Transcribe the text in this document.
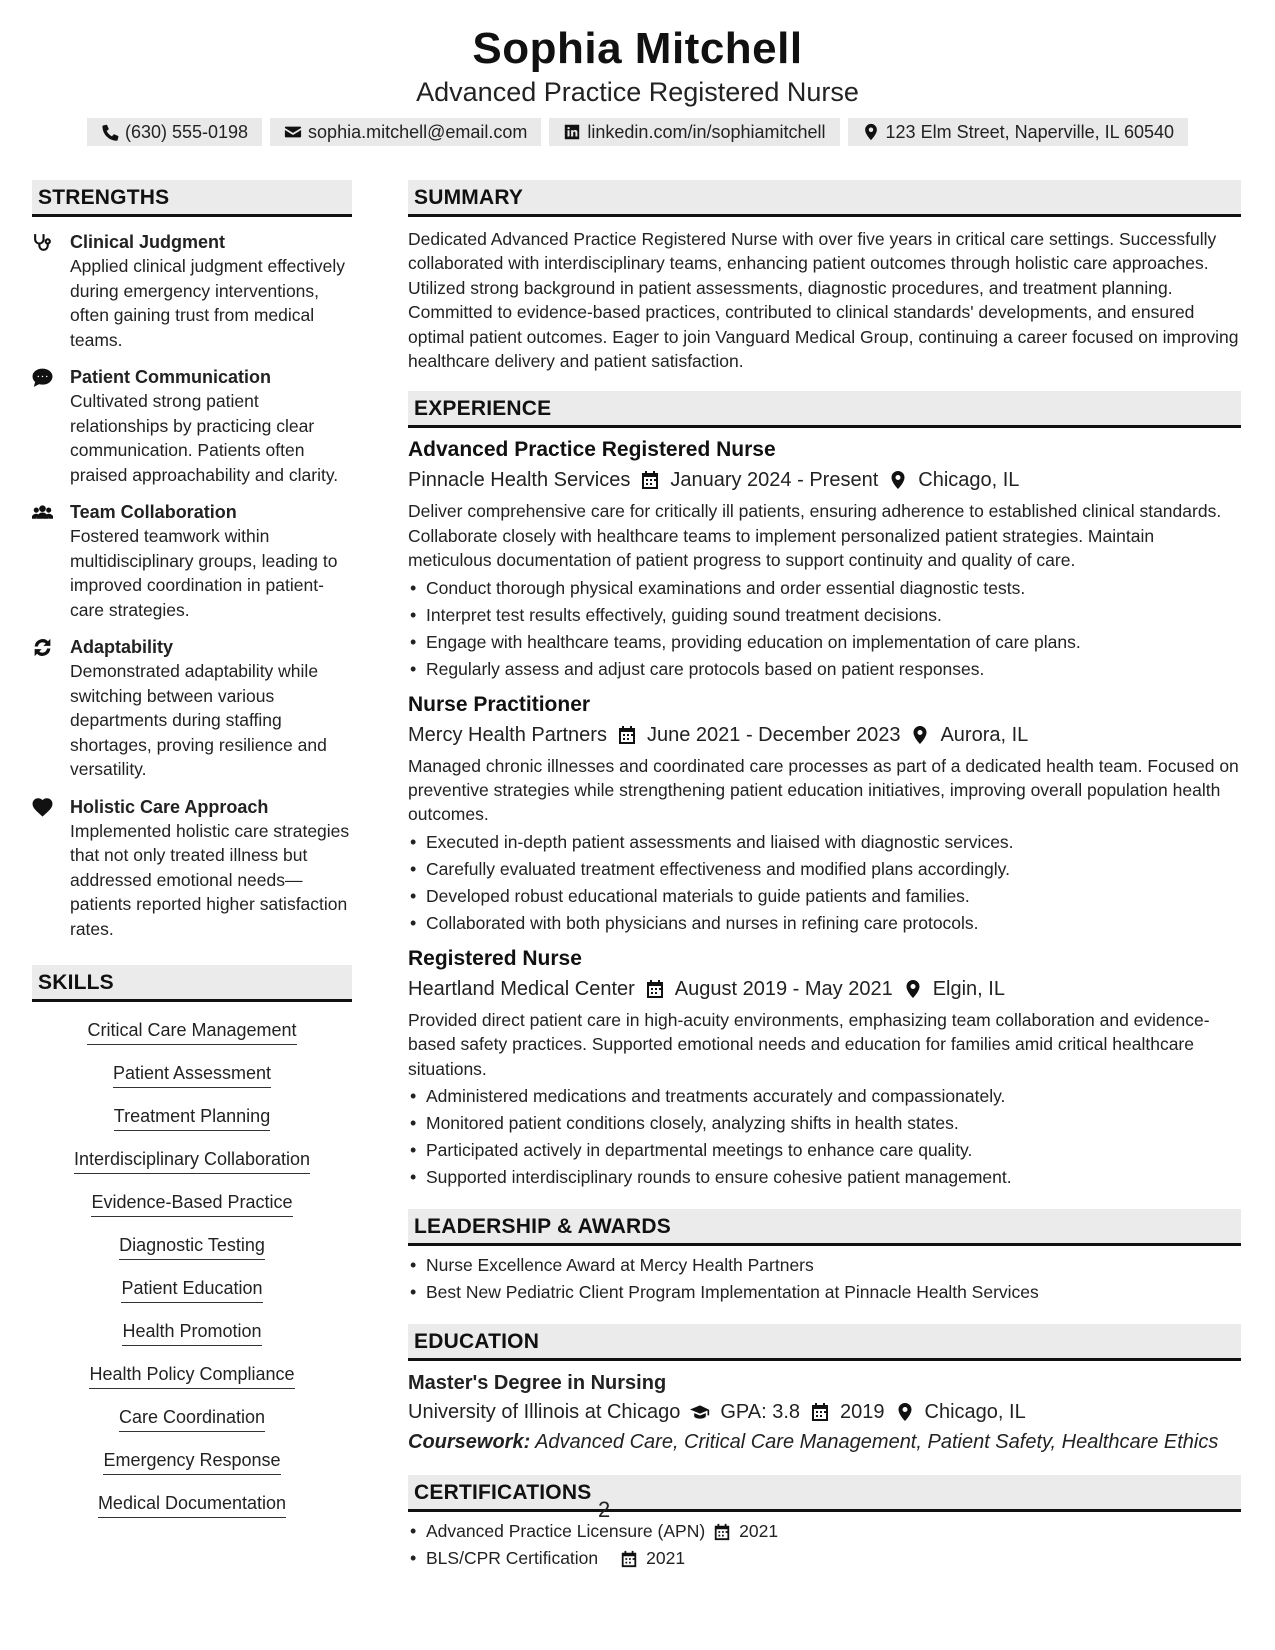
Sophia Mitchell
Advanced Practice Registered Nurse
(630) 555-0198	sophia.mitchell@email.com	linkedin.com/in/sophiamitchell	123 Elm Street, Naperville, IL 60540
STRENGTHS
Clinical Judgment
Applied clinical judgment effectively during emergency interventions, often gaining trust from medical teams.
Patient Communication
Cultivated strong patient relationships by practicing clear communication. Patients often praised approachability and clarity.
Team Collaboration
Fostered teamwork within multidisciplinary groups, leading to improved coordination in patient-care strategies.
Adaptability
Demonstrated adaptability while switching between various departments during staffing shortages, proving resilience and versatility.
Holistic Care Approach
Implemented holistic care strategies that not only treated illness but addressed emotional needs—patients reported higher satisfaction rates.
SKILLS
Critical Care Management
Patient Assessment
Treatment Planning
Interdisciplinary Collaboration
Evidence-Based Practice
Diagnostic Testing
Patient Education
Health Promotion
Health Policy Compliance
Care Coordination
Emergency Response
Medical Documentation
SUMMARY
Dedicated Advanced Practice Registered Nurse with over five years in critical care settings. Successfully collaborated with interdisciplinary teams, enhancing patient outcomes through holistic care approaches. Utilized strong background in patient assessments, diagnostic procedures, and treatment planning. Committed to evidence-based practices, contributed to clinical standards' developments, and ensured optimal patient outcomes. Eager to join Vanguard Medical Group, continuing a career focused on improving healthcare delivery and patient satisfaction.
EXPERIENCE
Advanced Practice Registered Nurse
Pinnacle Health Services January 2024 - Present Chicago, IL
Deliver comprehensive care for critically ill patients, ensuring adherence to established clinical standards. Collaborate closely with healthcare teams to implement personalized patient strategies. Maintain meticulous documentation of patient progress to support continuity and quality of care.
• Conduct thorough physical examinations and order essential diagnostic tests.
• Interpret test results effectively, guiding sound treatment decisions.
• Engage with healthcare teams, providing education on implementation of care plans.
• Regularly assess and adjust care protocols based on patient responses.
Nurse Practitioner
Mercy Health Partners June 2021 - December 2023 Aurora, IL
Managed chronic illnesses and coordinated care processes as part of a dedicated health team. Focused on preventive strategies while strengthening patient education initiatives, improving overall population health outcomes.
• Executed in-depth patient assessments and liaised with diagnostic services.
• Carefully evaluated treatment effectiveness and modified plans accordingly.
• Developed robust educational materials to guide patients and families.
• Collaborated with both physicians and nurses in refining care protocols.
Registered Nurse
Heartland Medical Center August 2019 - May 2021 Elgin, IL
Provided direct patient care in high-acuity environments, emphasizing team collaboration and evidence-based safety practices. Supported emotional needs and education for families amid critical healthcare situations.
• Administered medications and treatments accurately and compassionately.
• Monitored patient conditions closely, analyzing shifts in health states.
• Participated actively in departmental meetings to enhance care quality.
• Supported interdisciplinary rounds to ensure cohesive patient management.
LEADERSHIP & AWARDS
• Nurse Excellence Award at Mercy Health Partners
• Best New Pediatric Client Program Implementation at Pinnacle Health Services
EDUCATION
Master's Degree in Nursing
University of Illinois at Chicago GPA: 3.8 2019 Chicago, IL
Coursework: Advanced Care, Critical Care Management, Patient Safety, Healthcare Ethics
CERTIFICATIONS
• Advanced Practice Licensure (APN) 2021
• BLS/CPR Certification	2021
2
